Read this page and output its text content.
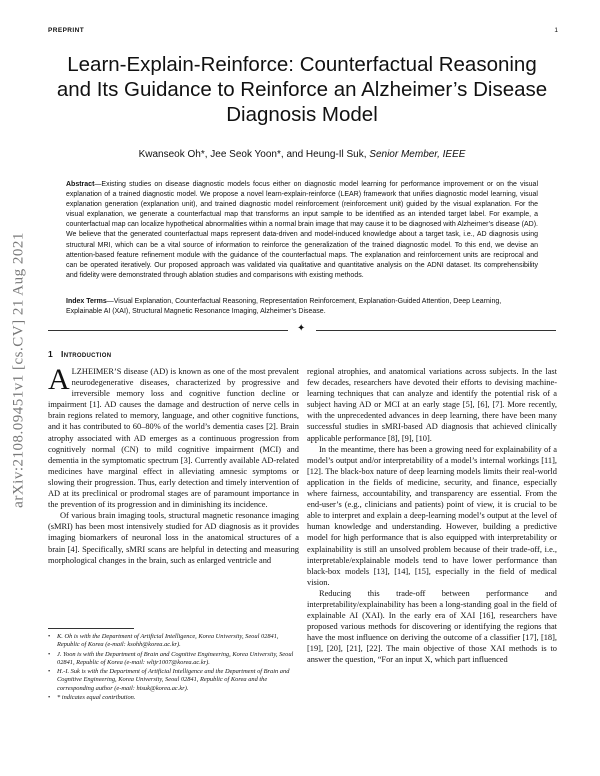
PREPRINT	1
arXiv:2108.09451v1 [cs.CV] 21 Aug 2021
Learn-Explain-Reinforce: Counterfactual Reasoning and Its Guidance to Reinforce an Alzheimer’s Disease Diagnosis Model
Kwanseok Oh*, Jee Seok Yoon*, and Heung-Il Suk, Senior Member, IEEE
Abstract—Existing studies on disease diagnostic models focus either on diagnostic model learning for performance improvement or on the visual explanation of a trained diagnostic model. We propose a novel learn-explain-reinforce (LEAR) framework that unifies diagnostic model learning, visual explanation generation (explanation unit), and trained diagnostic model reinforcement (reinforcement unit) guided by the visual explanation. For the visual explanation, we generate a counterfactual map that transforms an input sample to be identified as an intended target label. For example, a counterfactual map can localize hypothetical abnormalities within a normal brain image that may cause it to be diagnosed with Alzheimer’s disease (AD). We believe that the generated counterfactual maps represent data-driven and model-induced knowledge about a target task, i.e., AD diagnosis using structural MRI, which can be a vital source of information to reinforce the generalization of the trained diagnostic model. To this end, we devise an attention-based feature refinement module with the guidance of the counterfactual maps. The explanation and reinforcement units are reciprocal and can be operated iteratively. Our proposed approach was validated via qualitative and quantitative analysis on the ADNI dataset. Its comprehensibility and fidelity were demonstrated through ablation studies and comparisons with existing methods.
Index Terms—Visual Explanation, Counterfactual Reasoning, Representation Reinforcement, Explanation-Guided Attention, Deep Learning, Explainable AI (XAI), Structural Magnetic Resonance Imaging, Alzheimer’s Disease.
✦
1 Introduction

ALZHEIMER’S disease (AD) is known as one of the most prevalent neurodegenerative diseases, characterized by progressive and irreversible memory loss and cognitive function decline or impairment [1]. AD causes the damage and destruction of nerve cells in brain regions related to memory, language, and other cognitive functions, and it has contributed to 60–80% of the world’s dementia cases [2]. Brain atrophy associated with AD emerges as a continuous progression from cognitively normal (CN) to mild cognitive impairment (MCI) and dementia in the symptomatic spectrum [3]. Currently available AD-related medicines have marginal effect in alleviating amnesic symptoms or slowing their progression. Thus, early detection and timely intervention of AD at its preclinical or prodromal stages are of paramount importance in the prevention of its progression and in diminishing its incidence.

Of various brain imaging tools, structural magnetic resonance imaging (sMRI) has been most intensively studied for AD diagnosis as it provides imaging biomarkers of neuronal loss in the anatomical structures of a brain [4]. Specifically, sMRI scans are helpful in detecting and measuring morphological changes in the brain, such as enlarged ventricle and

regional atrophies, and anatomical variations across subjects. In the last few decades, researchers have devoted their efforts to devising machine-learning techniques that can analyze and identify the potential risk of a subject having AD or MCI at an early stage [5], [6], [7]. More recently, with the unprecedented advances in deep learning, there have been many successful studies in sMRI-based AD diagnosis that achieved clinically applicable performance [8], [9], [10].

In the meantime, there has been a growing need for explainability of a model’s output and/or interpretability of a model’s internal workings [11], [12]. The black-box nature of deep learning models limits their real-world application in the fields of medicine, security, and finance, especially where fairness, accountability, and transparency are essential. From the end-user’s (e.g., clinicians and patients) point of view, it is crucial to be able to interpret and explain a deep-learning model’s output at the level of human knowledge and understanding. However, building a predictive model for high performance that is also equipped with interpretability or explainability is still an unsolved problem because of their trade-off, i.e., interpretable/explainable models tend to have lower performance than black-box models [13], [14], [15], especially in the field of medical vision.

Reducing this trade-off between performance and interpretability/explainability has been a long-standing goal in the field of explainable AI (XAI). In the early era of XAI [16], researchers have proposed various methods for discovering or identifying the regions that have the most influence on deriving the outcome of a classifier [17], [18], [19], [20], [21], [22]. The main objective of those XAI methods is to answer the question, “For an input X, which part influenced

• K. Oh is with the Department of Artificial Intelligence, Korea University, Seoul 02841, Republic of Korea (e-mail: ksohh@korea.ac.kr).
• J. Yoon is with the Department of Brain and Cognitive Engineering, Korea University, Seoul 02841, Republic of Korea (e-mail: wltjr1007@korea.ac.kr).
• H.-I. Suk is with the Department of Artificial Intelligence and the Department of Brain and Cognitive Engineering, Korea University, Seoul 02841, Republic of Korea and the corresponding author (e-mail: hisuk@korea.ac.kr).
• * indicates equal contribution.
